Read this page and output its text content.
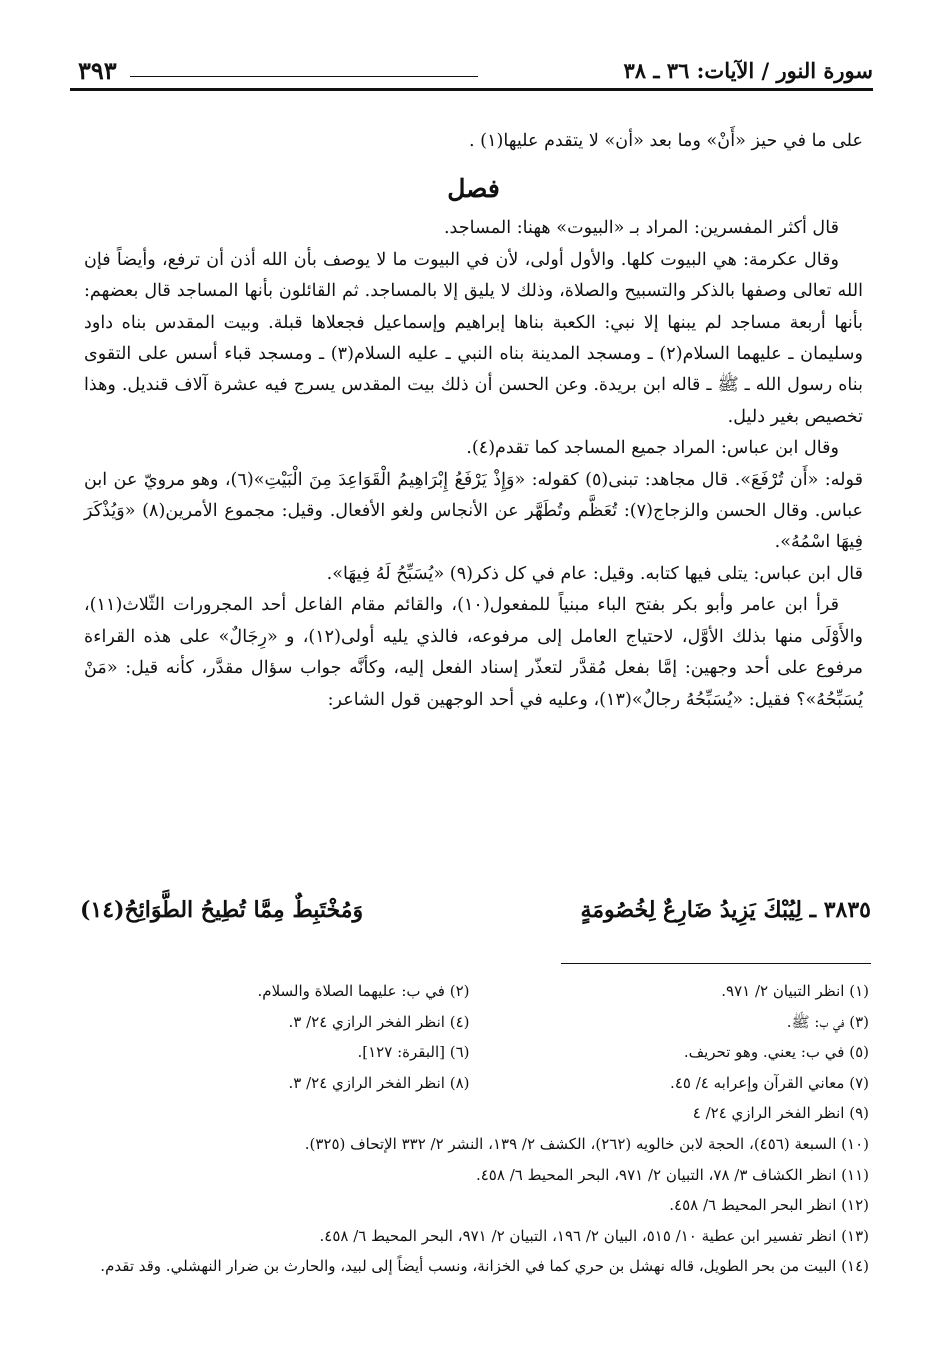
سورة النور / الآيات: ٣٦ ـ ٣٨
٣٩٣

على ما في حيز «أَنْ» وما بعد «أن» لا يتقدم عليها(١) .

فصل

قال أكثر المفسرين: المراد بـ «البيوت» ههنا: المساجد.

وقال عكرمة: هي البيوت كلها. والأول أولى، لأن في البيوت ما لا يوصف بأن الله أذن أن ترفع، وأيضاً فإن الله تعالى وصفها بالذكر والتسبيح والصلاة، وذلك لا يليق إلا بالمساجد. ثم القائلون بأنها المساجد قال بعضهم: بأنها أربعة مساجد لم يبنها إلا نبي: الكعبة بناها إبراهيم وإسماعيل فجعلاها قبلة. وبيت المقدس بناه داود وسليمان ـ عليهما السلام(٢) ـ ومسجد المدينة بناه النبي ـ عليه السلام(٣) ـ ومسجد قباء أسس على التقوى بناه رسول الله ـ ﷺ ـ قاله ابن بريدة. وعن الحسن أن ذلك بيت المقدس يسرج فيه عشرة آلاف قنديل. وهذا تخصيص بغير دليل.

وقال ابن عباس: المراد جميع المساجد كما تقدم(٤).

قوله: «أَن تُرْفَعَ». قال مجاهد: تبنى(٥) كقوله: «وَإِذْ يَرْفَعُ إِبْرَاهِيمُ الْقَوَاعِدَ مِنَ الْبَيْتِ»(٦)، وهو مرويّ عن ابن عباس. وقال الحسن والزجاج(٧): تُعَظَّم وتُطَهَّر عن الأنجاس ولغو الأفعال. وقيل: مجموع الأمرين(٨) «وَيُذْكَرَ فِيهَا اسْمُهُ».

قال ابن عباس: يتلى فيها كتابه. وقيل: عام في كل ذكر(٩) «يُسَبِّحُ لَهُ فِيهَا».

قرأ ابن عامر وأبو بكر بفتح الباء مبنياً للمفعول(١٠)، والقائم مقام الفاعل أحد المجرورات الثّلاث(١١)، والأَوْلَى منها بذلك الأوَّل، لاحتياج العامل إلى مرفوعه، فالذي يليه أولى(١٢)، و «رِجَالٌ» على هذه القراءة مرفوع على أحد وجهين: إمَّا بفعل مُقدَّر لتعذّر إسناد الفعل إليه، وكأنَّه جواب سؤال مقدَّر، كأنه قيل: «مَنْ يُسَبِّحُهُ»؟ فقيل: «يُسَبِّحُهُ رجالٌ»(١٣)، وعليه في أحد الوجهين قول الشاعر:

٣٨٣٥ ـ لِيُبْكَ يَزِيدُ ضَارِعٌ لِخُصُومَةٍ
وَمُخْتَبِطٌ مِمَّا تُطِيحُ الطَّوَائِحُ(١٤)
(١) انظر التبيان ٢/ ٩٧١.
(٢) في ب: عليهما الصلاة والسلام.
(٣) في ب: ﷺ.
(٤) انظر الفخر الرازي ٢٤/ ٣.
(٥) في ب: يعني. وهو تحريف.
(٦) [البقرة: ١٢٧].
(٧) معاني القرآن وإعرابه ٤/ ٤٥.
(٨) انظر الفخر الرازي ٢٤/ ٣.
(٩) انظر الفخر الرازي ٢٤/ ٤
(١٠) السبعة (٤٥٦)، الحجة لابن خالويه (٢٦٢)، الكشف ٢/ ١٣٩، النشر ٢/ ٣٣٢ الإتحاف (٣٢٥).
(١١) انظر الكشاف ٣/ ٧٨، التبيان ٢/ ٩٧١، البحر المحيط ٦/ ٤٥٨.
(١٢) انظر البحر المحيط ٦/ ٤٥٨.
(١٣) انظر تفسير ابن عطية ١٠/ ٥١٥، البيان ٢/ ١٩٦، التبيان ٢/ ٩٧١، البحر المحيط ٦/ ٤٥٨.
(١٤) البيت من بحر الطويل، قاله نهشل بن حري كما في الخزانة، ونسب أيضاً إلى لبيد، والحارث بن ضرار النهشلي. وقد تقدم.
